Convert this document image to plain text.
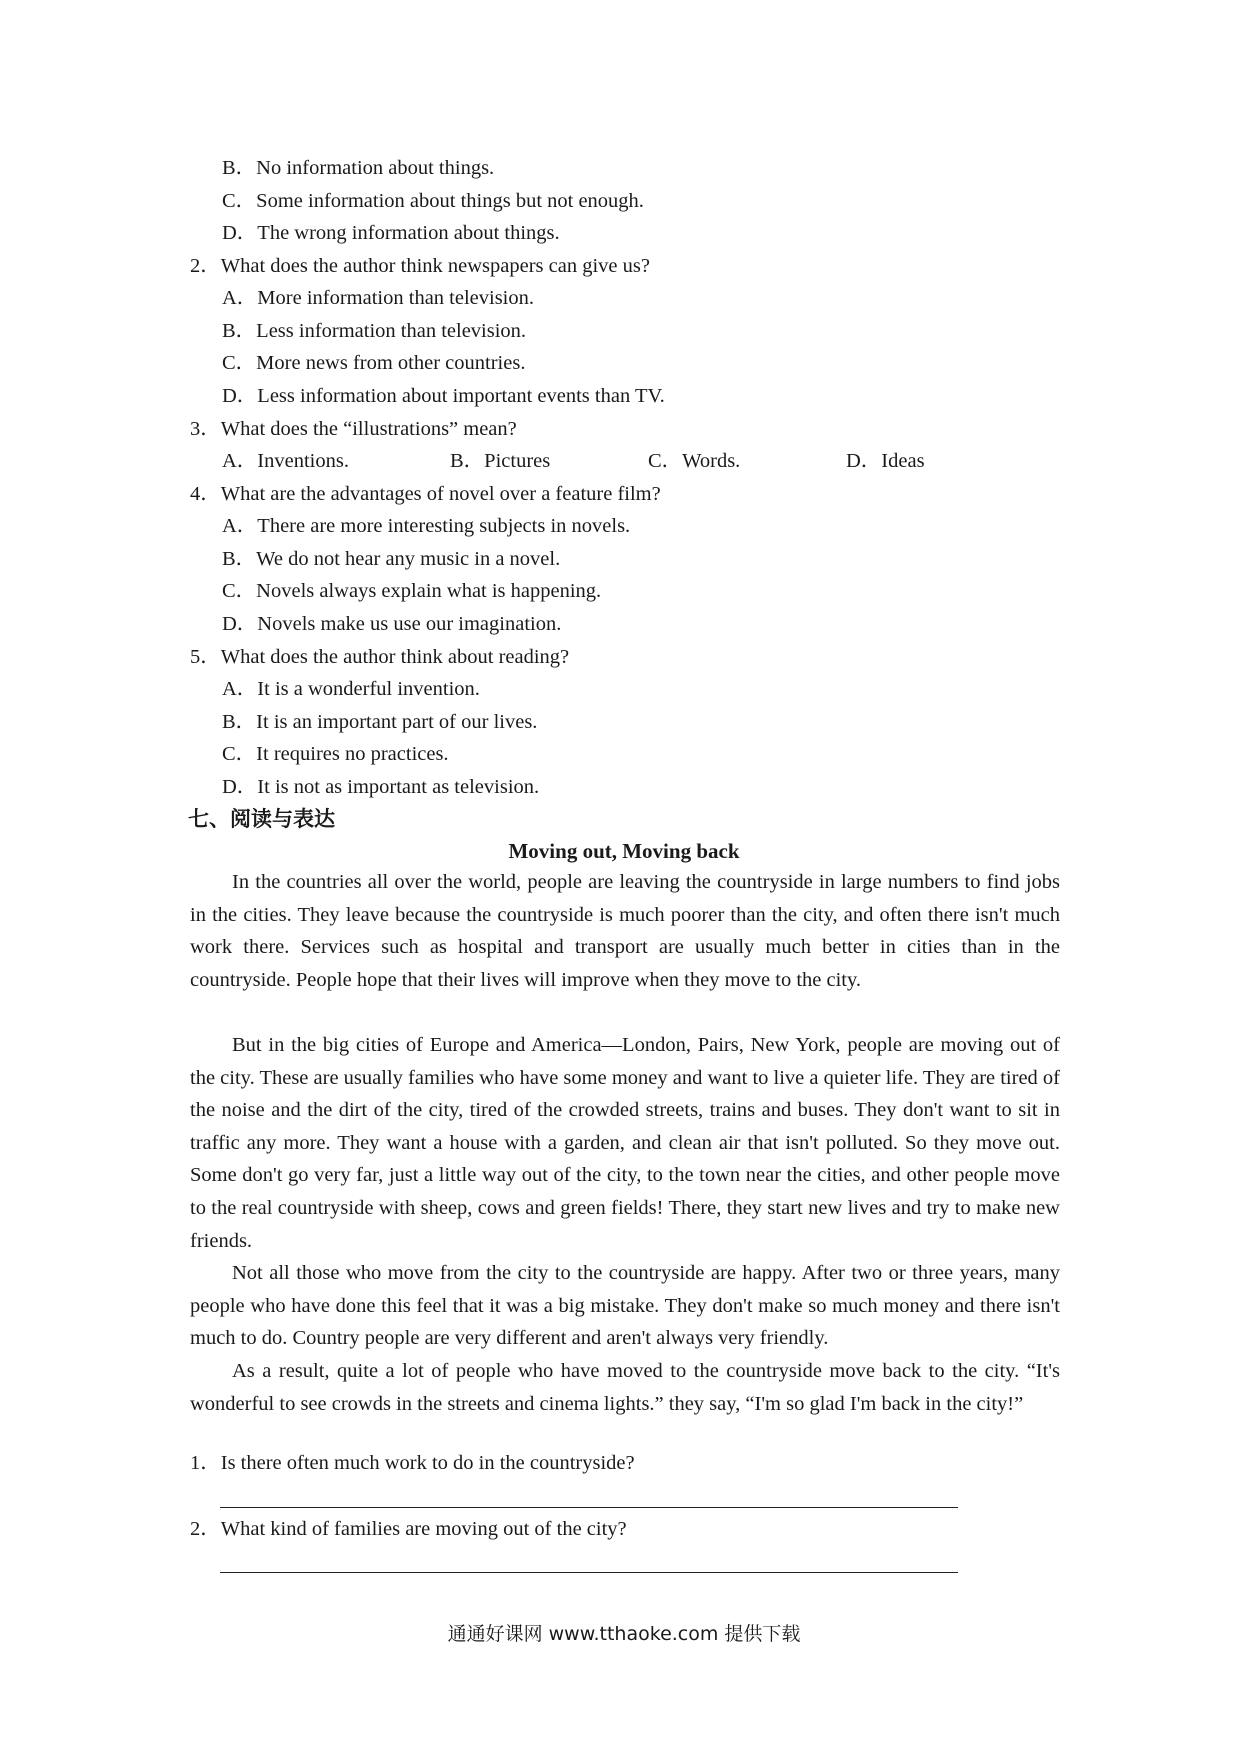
B．No information about things.
C．Some information about things but not enough.
D．The wrong information about things.
2．What does the author think newspapers can give us?
A．More information than television.
B．Less information than television.
C．More news from other countries.
D．Less information about important events than TV.
3．What does the “illustrations” mean?
A．Inventions.	B．Pictures	C．Words.	D．Ideas
4．What are the advantages of novel over a feature film?
A．There are more interesting subjects in novels.
B．We do not hear any music in a novel.
C．Novels always explain what is happening.
D．Novels make us use our imagination.
5．What does the author think about reading?
A．It is a wonderful invention.
B．It is an important part of our lives.
C．It requires no practices.
D．It is not as important as television.
七、阅读与表达
Moving out, Moving back

In the countries all over the world, people are leaving the countryside in large numbers to find jobs in the cities. They leave because the countryside is much poorer than the city, and often there isn't much work there. Services such as hospital and transport are usually much better in cities than in the countryside. People hope that their lives will improve when they move to the city.

But in the big cities of Europe and America—London, Pairs, New York, people are moving out of the city. These are usually families who have some money and want to live a quieter life. They are tired of the noise and the dirt of the city, tired of the crowded streets, trains and buses. They don't want to sit in traffic any more. They want a house with a garden, and clean air that isn't polluted. So they move out. Some don't go very far, just a little way out of the city, to the town near the cities, and other people move to the real countryside with sheep, cows and green fields! There, they start new lives and try to make new friends.

Not all those who move from the city to the countryside are happy. After two or three years, many people who have done this feel that it was a big mistake. They don't make so much money and there isn't much to do. Country people are very different and aren't always very friendly.

As a result, quite a lot of people who have moved to the countryside move back to the city. “It's wonderful to see crowds in the streets and cinema lights.” they say, “I'm so glad I'm back in the city!”

1．Is there often much work to do in the countryside?
2．What kind of families are moving out of the city?
通通好课网 www.tthaoke.com 提供下载
